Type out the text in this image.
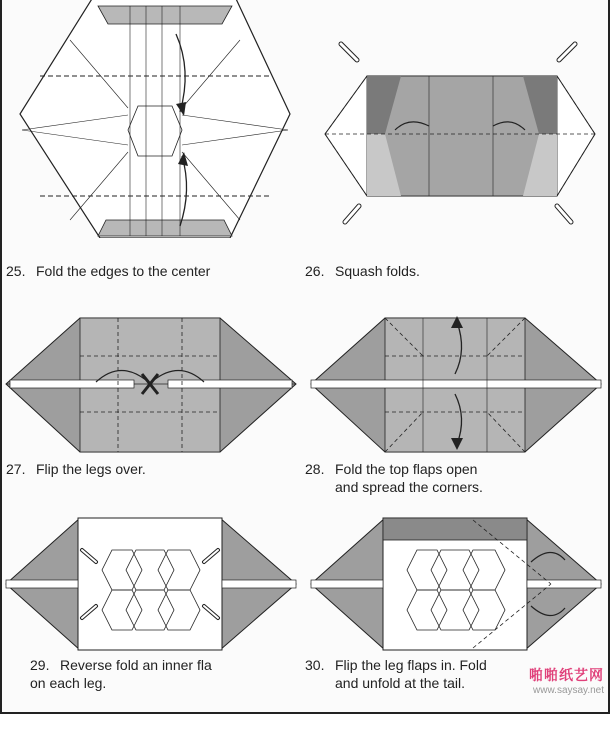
25. Fold the edges to the center	26. Squash folds.
27. Flip the legs over.	28. Fold the top flaps open
and spread the corners.
29. Reverse fold an inner fla
on each leg.
30. Flip the leg flaps in. Fold
and unfold at the tail.	啪啪纸艺网
www.saysay.net
